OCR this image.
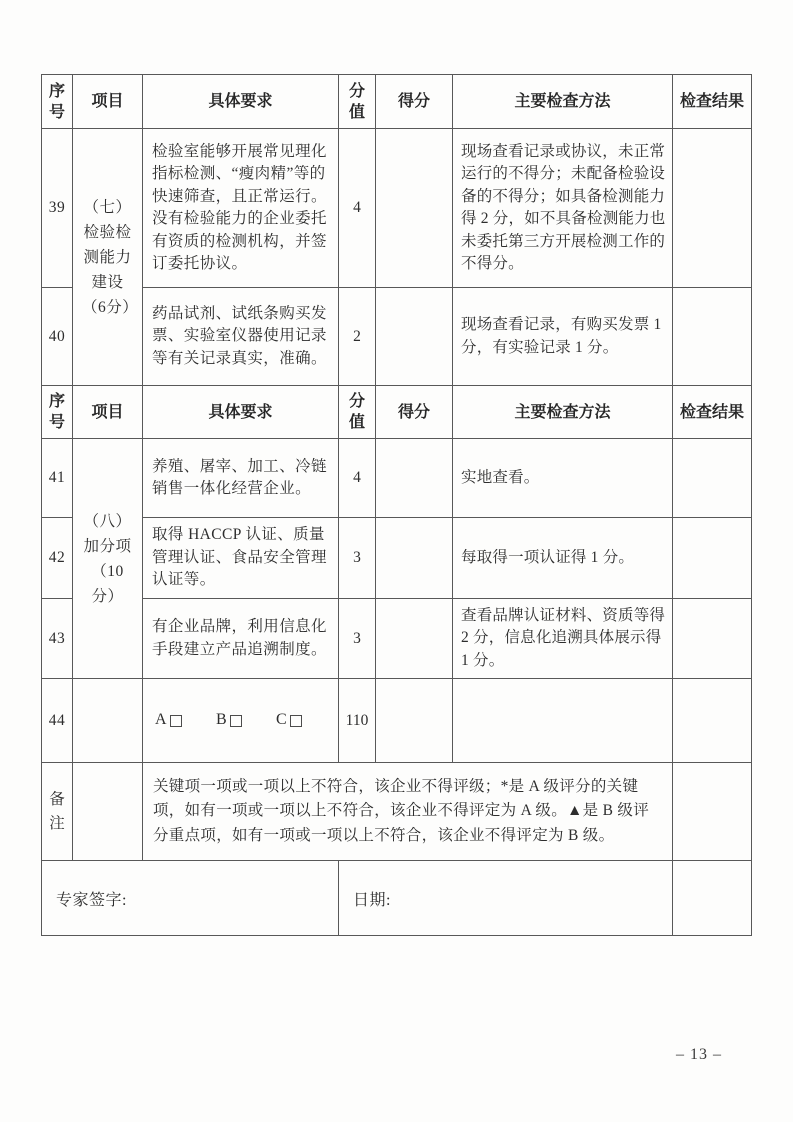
序号	项目	具体要求	分值	得分	主要检查方法	检查结果
39	（七）检验检测能力建设（6分）	检验室能够开展常见理化指标检测、“瘦肉精”等的快速筛查，且正常运行。没有检验能力的企业委托有资质的检测机构，并签订委托协议。	4		现场查看记录或协议，未正常运行的不得分；未配备检验设备的不得分；如具备检测能力得 2 分，如不具备检测能力也未委托第三方开展检测工作的不得分。	
40		药品试剂、试纸条购买发票、实验室仪器使用记录等有关记录真实，准确。	2		现场查看记录，有购买发票 1 分，有实验记录 1 分。	
序号	项目	具体要求	分值	得分	主要检查方法	检查结果
41	（八）加分项（10分）	养殖、屠宰、加工、冷链销售一体化经营企业。	4		实地查看。	
42		取得 HACCP 认证、质量管理认证、食品安全管理认证等。	3		每取得一项认证得 1 分。	
43		有企业品牌，利用信息化手段建立产品追溯制度。	3		查看品牌认证材料、资质等得 2 分，信息化追溯具体展示得 1 分。	
44		A B C	110			
备注		关键项一项或一项以上不符合，该企业不得评级；*是 A 级评分的关键项，如有一项或一项以上不符合，该企业不得评定为 A 级。▲是 B 级评分重点项，如有一项或一项以上不符合，该企业不得评定为 B 级。				
专家签字:			日期:			
– 13 –
